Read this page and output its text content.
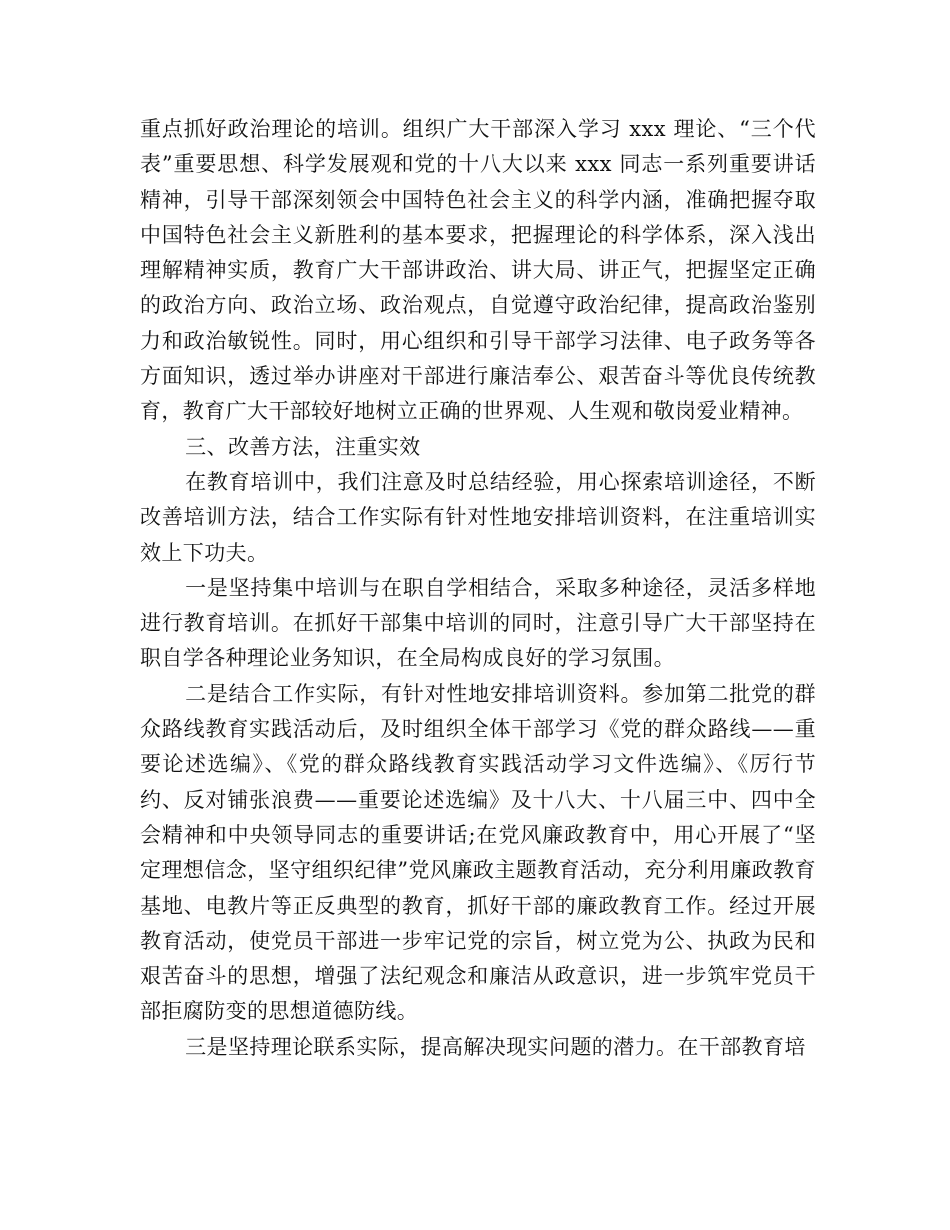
重点抓好政治理论的培训。组织广大干部深入学习 xxx 理论、“三个代表”重要思想、科学发展观和党的十八大以来 xxx 同志一系列重要讲话精神，引导干部深刻领会中国特色社会主义的科学内涵，准确把握夺取中国特色社会主义新胜利的基本要求，把握理论的科学体系，深入浅出理解精神实质，教育广大干部讲政治、讲大局、讲正气，把握坚定正确的政治方向、政治立场、政治观点，自觉遵守政治纪律，提高政治鉴别力和政治敏锐性。同时，用心组织和引导干部学习法律、电子政务等各方面知识，透过举办讲座对干部进行廉洁奉公、艰苦奋斗等优良传统教育，教育广大干部较好地树立正确的世界观、人生观和敬岗爱业精神。

三、改善方法，注重实效

在教育培训中，我们注意及时总结经验，用心探索培训途径，不断改善培训方法，结合工作实际有针对性地安排培训资料，在注重培训实效上下功夫。

一是坚持集中培训与在职自学相结合，采取多种途径，灵活多样地进行教育培训。在抓好干部集中培训的同时，注意引导广大干部坚持在职自学各种理论业务知识，在全局构成良好的学习氛围。

二是结合工作实际，有针对性地安排培训资料。参加第二批党的群众路线教育实践活动后，及时组织全体干部学习《党的群众路线——重要论述选编》、《党的群众路线教育实践活动学习文件选编》、《厉行节约、反对铺张浪费——重要论述选编》及十八大、十八届三中、四中全会精神和中央领导同志的重要讲话;在党风廉政教育中，用心开展了“坚定理想信念，坚守组织纪律”党风廉政主题教育活动，充分利用廉政教育基地、电教片等正反典型的教育，抓好干部的廉政教育工作。经过开展教育活动，使党员干部进一步牢记党的宗旨，树立党为公、执政为民和艰苦奋斗的思想，增强了法纪观念和廉洁从政意识，进一步筑牢党员干部拒腐防变的思想道德防线。

三是坚持理论联系实际，提高解决现实问题的潜力。在干部教育培
